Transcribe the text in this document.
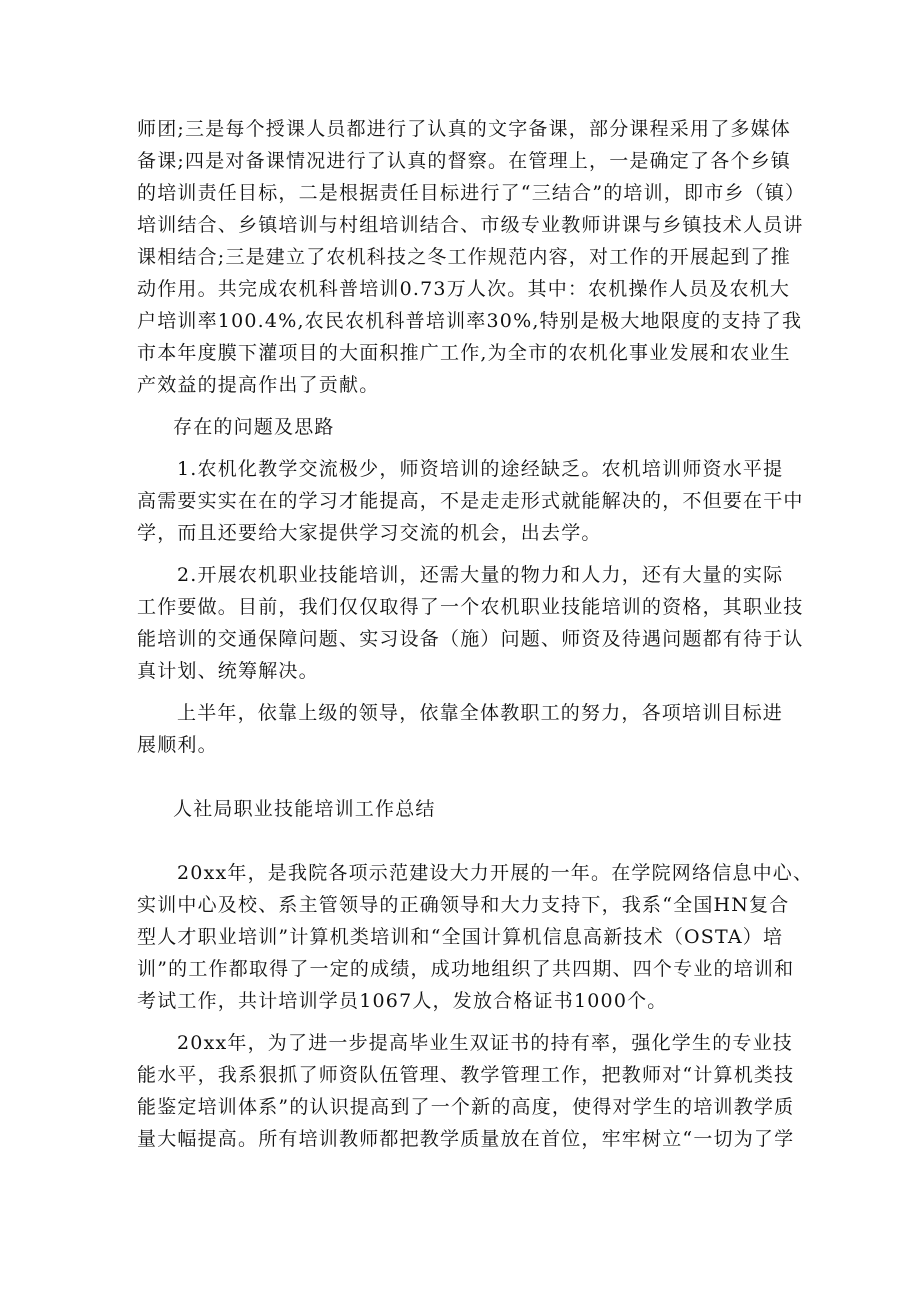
师团;三是每个授课人员都进行了认真的文字备课，部分课程采用了多媒体
备课;四是对备课情况进行了认真的督察。在管理上，一是确定了各个乡镇
的培训责任目标，二是根据责任目标进行了“三结合”的培训，即市乡（镇）
培训结合、乡镇培训与村组培训结合、市级专业教师讲课与乡镇技术人员讲
课相结合;三是建立了农机科技之冬工作规范内容，对工作的开展起到了推
动作用。共完成农机科普培训0.73万人次。其中：农机操作人员及农机大
户培训率100.4%,农民农机科普培训率30%,特别是极大地限度的支持了我
市本年度膜下灌项目的大面积推广工作,为全市的农机化事业发展和农业生
产效益的提高作出了贡献。
存在的问题及思路
1.农机化教学交流极少，师资培训的途经缺乏。农机培训师资水平提
高需要实实在在的学习才能提高，不是走走形式就能解决的，不但要在干中
学，而且还要给大家提供学习交流的机会，出去学。
2.开展农机职业技能培训，还需大量的物力和人力，还有大量的实际
工作要做。目前，我们仅仅取得了一个农机职业技能培训的资格，其职业技
能培训的交通保障问题、实习设备（施）问题、师资及待遇问题都有待于认
真计划、统筹解决。
上半年，依靠上级的领导，依靠全体教职工的努力，各项培训目标进
展顺利。
人社局职业技能培训工作总结
20xx年，是我院各项示范建设大力开展的一年。在学院网络信息中心、
实训中心及校、系主管领导的正确领导和大力支持下，我系“全国HN复合
型人才职业培训”计算机类培训和“全国计算机信息高新技术（OSTA）培
训”的工作都取得了一定的成绩，成功地组织了共四期、四个专业的培训和
考试工作，共计培训学员1067人，发放合格证书1000个。
20xx年，为了进一步提高毕业生双证书的持有率，强化学生的专业技
能水平，我系狠抓了师资队伍管理、教学管理工作，把教师对“计算机类技
能鉴定培训体系”的认识提高到了一个新的高度，使得对学生的培训教学质
量大幅提高。所有培训教师都把教学质量放在首位，牢牢树立“一切为了学
